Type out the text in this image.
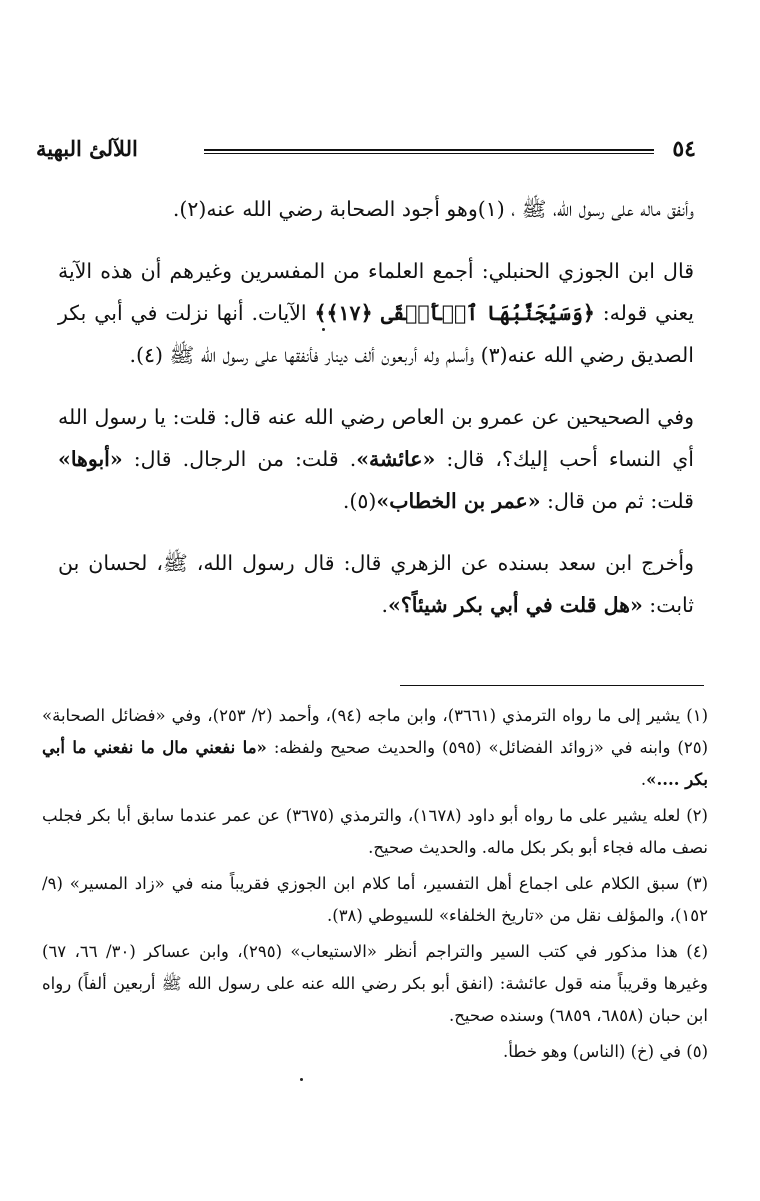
٥٤
اللآلئ البهية

وأنفق ماله على رسول الله، ﷺ ، (١)وهو أجود الصحابة رضي الله عنه(٢).

قال ابن الجوزي الحنبلي: أجمع العلماء من المفسرين وغيرهم أن هذه الآية يعني قوله: ﴿وَسَيُجَنَّبُهَا ٱلۡأَتۡقَى ﴿١٧﴾﴾ الآيات. أنها نزلت في أبي بكر الصديق رضي الله عنه(٣) وأسلم وله أربعون ألف دينار فأنفقها على رسول الله ﷺ (٤).

وفي الصحيحين عن عمرو بن العاص رضي الله عنه قال: قلت: يا رسول الله أي النساء أحب إليك؟، قال: «عائشة». قلت: من الرجال. قال: «أبوها» قلت: ثم من قال: «عمر بن الخطاب»(٥).

وأخرج ابن سعد بسنده عن الزهري قال: قال رسول الله، ﷺ، لحسان بن ثابت: «هل قلت في أبي بكر شيئاً؟».

(١) يشير إلى ما رواه الترمذي (٣٦٦١)، وابن ماجه (٩٤)، وأحمد (٢/ ٢٥٣)، وفي «فضائل الصحابة» (٢٥) وابنه في «زوائد الفضائل» (٥٩٥) والحديث صحيح ولفظه: «ما نفعني مال ما نفعني ما أبي بكر ....».

(٢) لعله يشير على ما رواه أبو داود (١٦٧٨)، والترمذي (٣٦٧٥) عن عمر عندما سابق أبا بكر فجلب نصف ماله فجاء أبو بكر بكل ماله. والحديث صحيح.

(٣) سبق الكلام على اجماع أهل التفسير، أما كلام ابن الجوزي فقريباً منه في «زاد المسير» (٩/ ١٥٢)، والمؤلف نقل من «تاريخ الخلفاء» للسيوطي (٣٨).

(٤) هذا مذكور في كتب السير والتراجم أنظر «الاستيعاب» (٢٩٥)، وابن عساكر (٣٠/ ٦٦، ٦٧) وغيرها وقريباً منه قول عائشة: (انفق أبو بكر رضي الله عنه على رسول الله ﷺ أربعين ألفاً) رواه ابن حبان (٦٨٥٨، ٦٨٥٩) وسنده صحيح.

(٥) في (خ) (الناس) وهو خطأ.
